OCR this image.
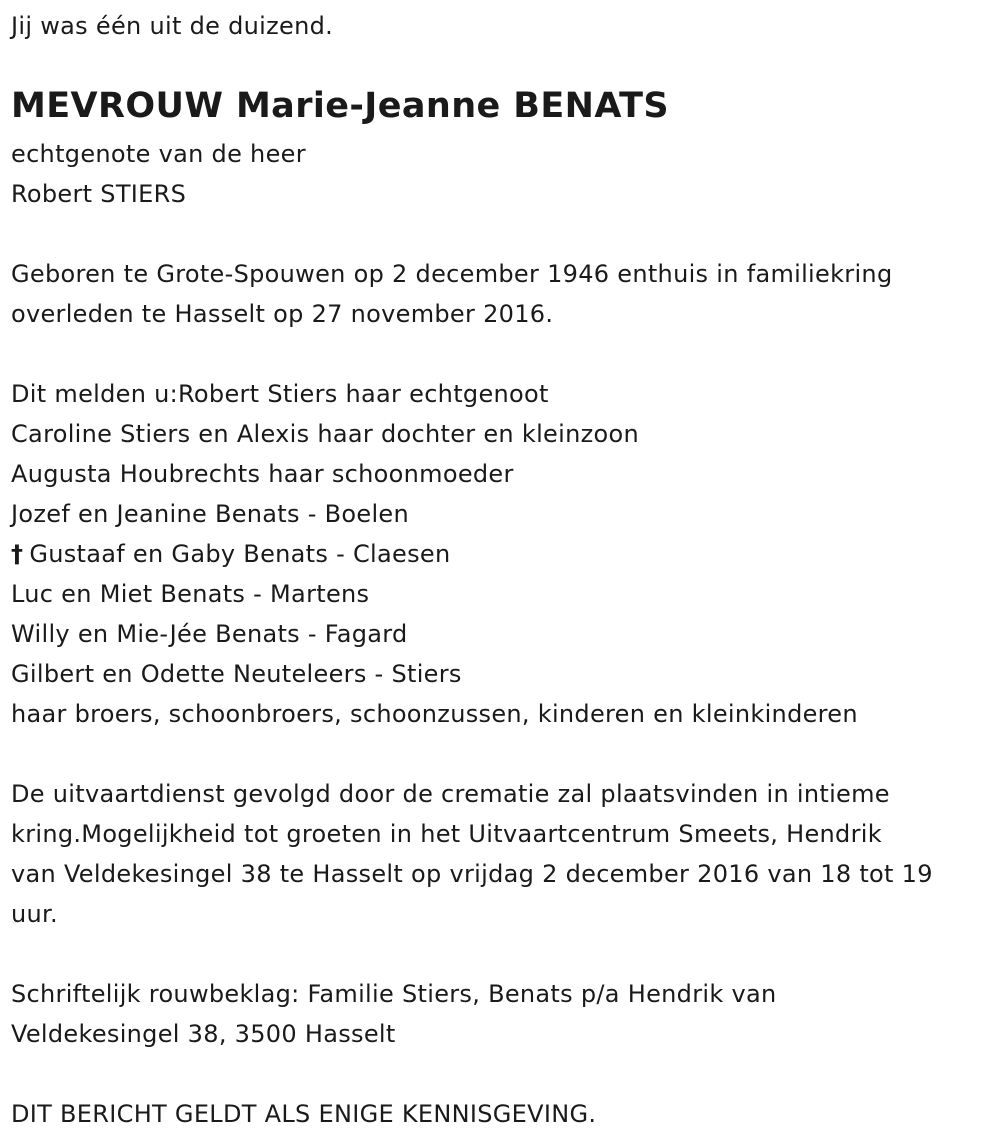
Jij was één uit de duizend.
MEVROUW Marie-Jeanne BENATS
echtgenote van de heer
Robert STIERS
Geboren te Grote-Spouwen op 2 december 1946 enthuis in familiekring
overleden te Hasselt op 27 november 2016.
Dit melden u:Robert Stiers haar echtgenoot
Caroline Stiers en Alexis haar dochter en kleinzoon
Augusta Houbrechts haar schoonmoeder
Jozef en Jeanine Benats - Boelen
† Gustaaf en Gaby Benats - Claesen
Luc en Miet Benats - Martens
Willy en Mie-Jée Benats - Fagard
Gilbert en Odette Neuteleers - Stiers
haar broers, schoonbroers, schoonzussen, kinderen en kleinkinderen
De uitvaartdienst gevolgd door de crematie zal plaatsvinden in intieme
kring.Mogelijkheid tot groeten in het Uitvaartcentrum Smeets, Hendrik
van Veldekesingel 38 te Hasselt op vrijdag 2 december 2016 van 18 tot 19
uur.
Schriftelijk rouwbeklag: Familie Stiers, Benats p/a Hendrik van
Veldekesingel 38, 3500 Hasselt
DIT BERICHT GELDT ALS ENIGE KENNISGEVING.
